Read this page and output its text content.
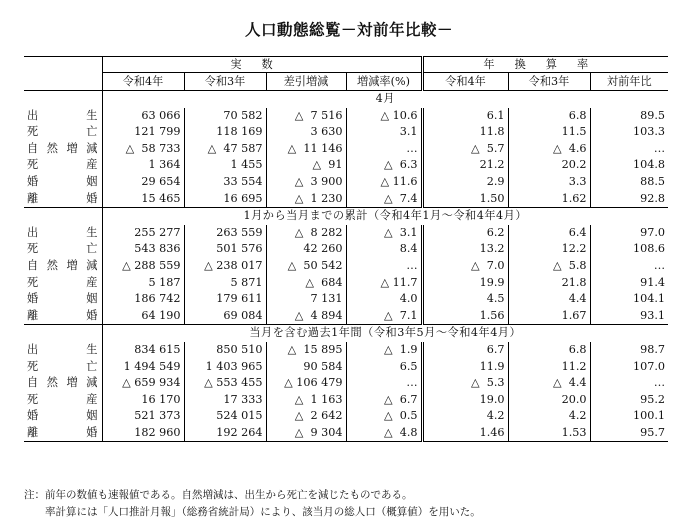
人口動態総覧－対前年比較－
	実数				年換算率		
	令和4年	令和3年	差引増減	増減率(%)	令和4年	令和3年	対前年比
	4月						

出 生	63 066	70 582	△  7 516	△ 10.6	6.1	6.8	89.5

死 亡	121 799	118 169	3 630	3.1	11.8	11.5	103.3

自 然 増 減	△  58 733	△  47 587	△  11 146	…	△  5.7	△  4.6	…

死 産	1 364	1 455	△  91	△  6.3	21.2	20.2	104.8

婚 姻	29 654	33 554	△  3 900	△ 11.6	2.9	3.3	88.5

離 婚	15 465	16 695	△  1 230	△  7.4	1.50	1.62	92.8
	1月から当月までの累計（令和4年1月～令和4年4月）						

出 生	255 277	263 559	△  8 282	△  3.1	6.2	6.4	97.0

死 亡	543 836	501 576	42 260	8.4	13.2	12.2	108.6

自 然 増 減	△ 288 559	△ 238 017	△  50 542	…	△  7.0	△  5.8	…

死 産	5 187	5 871	△  684	△ 11.7	19.9	21.8	91.4

婚 姻	186 742	179 611	7 131	4.0	4.5	4.4	104.1

離 婚	64 190	69 084	△  4 894	△  7.1	1.56	1.67	93.1
	当月を含む過去1年間（令和3年5月～令和4年4月）						

出 生	834 615	850 510	△  15 895	△  1.9	6.7	6.8	98.7

死 亡	1 494 549	1 403 965	90 584	6.5	11.9	11.2	107.0

自 然 増 減	△ 659 934	△ 553 455	△ 106 479	…	△  5.3	△  4.4	…

死 産	16 170	17 333	△  1 163	△  6.7	19.0	20.0	95.2

婚 姻	521 373	524 015	△  2 642	△  0.5	4.2	4.2	100.1

離 婚	182 960	192 264	△  9 304	△  4.8	1.46	1.53	95.7
注：前年の数値も速報値である。自然増減は、出生から死亡を減じたものである。
率計算には「人口推計月報」（総務省統計局）により、該当月の総人口（概算値）を用いた。
